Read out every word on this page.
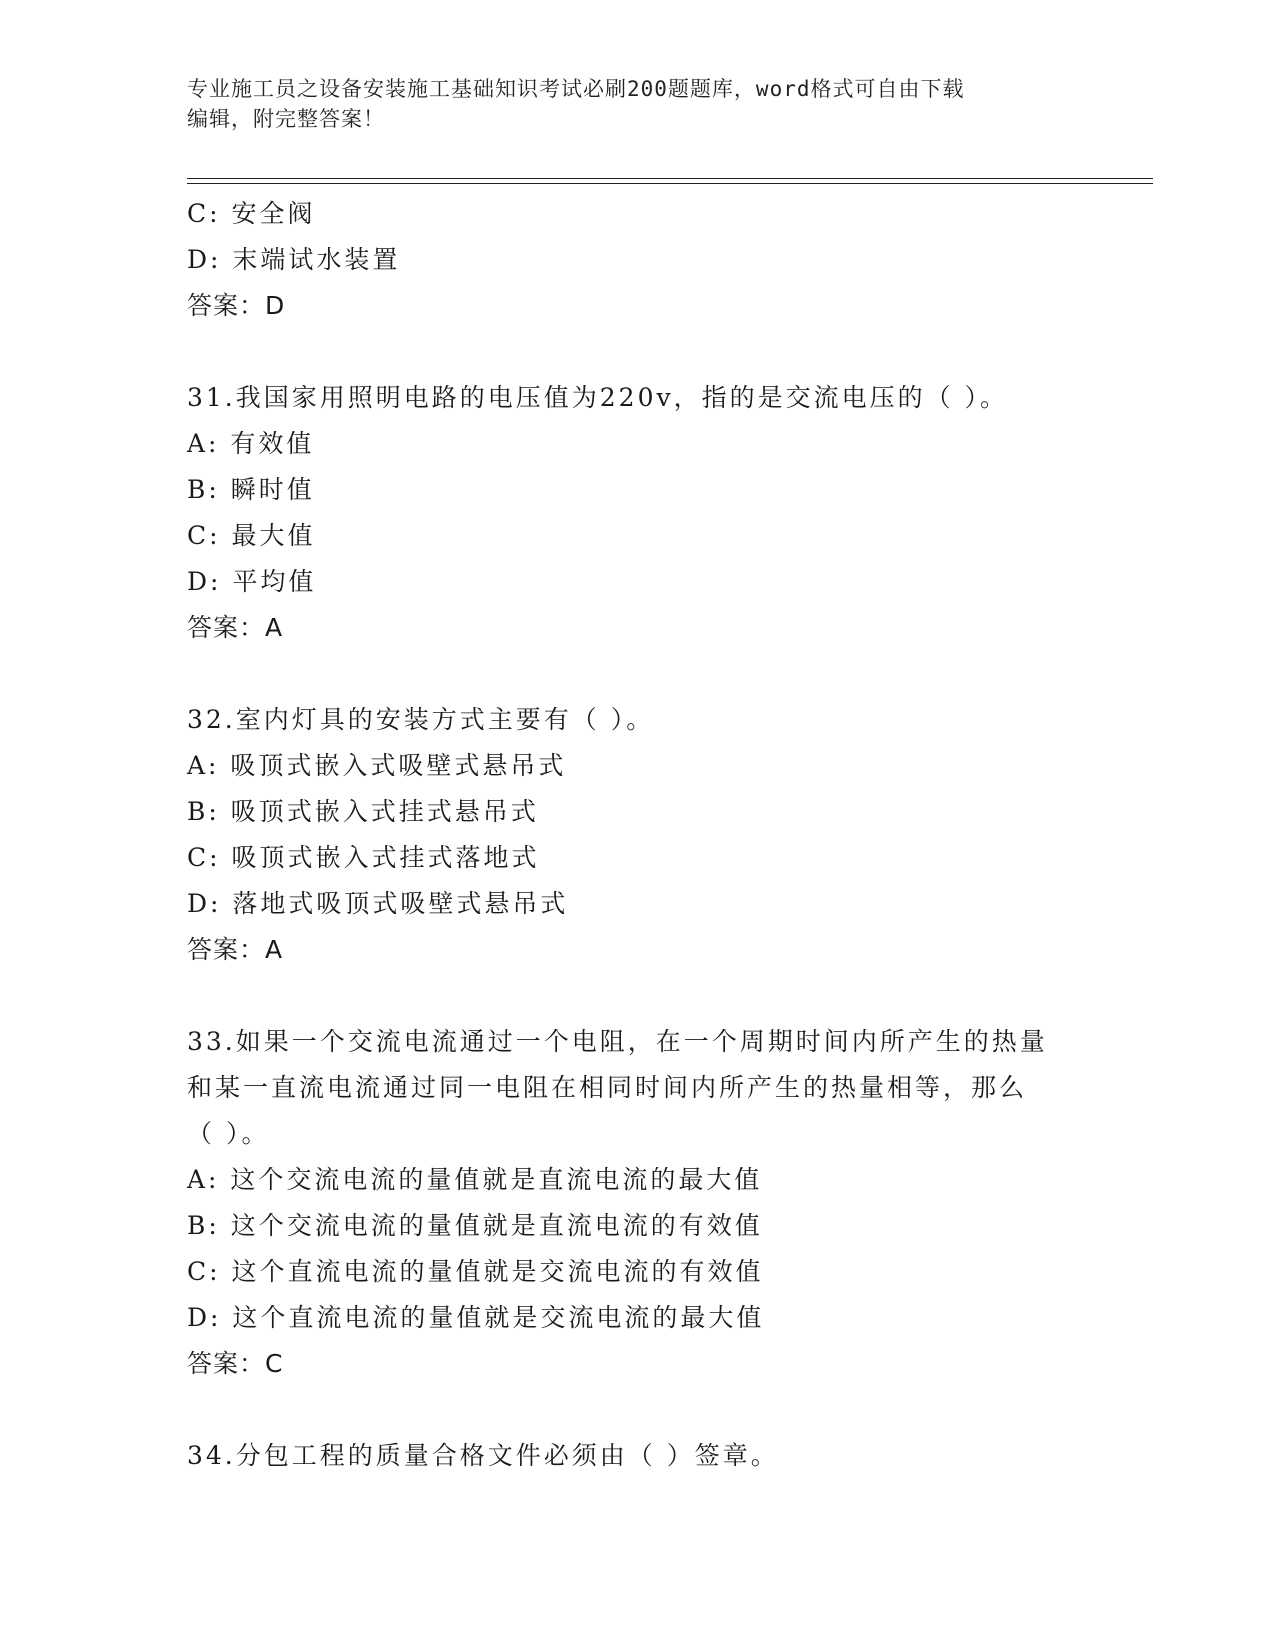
专业施工员之设备安装施工基础知识考试必刷200题题库，word格式可自由下载
编辑，附完整答案！
C: 安全阀
D: 末端试水装置
答案：D
31.我国家用照明电路的电压值为220v，指的是交流电压的（ ）。
A: 有效值
B: 瞬时值
C: 最大值
D: 平均值
答案：A
32.室内灯具的安装方式主要有（ ）。
A: 吸顶式嵌入式吸壁式悬吊式
B: 吸顶式嵌入式挂式悬吊式
C: 吸顶式嵌入式挂式落地式
D: 落地式吸顶式吸壁式悬吊式
答案：A
33.如果一个交流电流通过一个电阻，在一个周期时间内所产生的热量
和某一直流电流通过同一电阻在相同时间内所产生的热量相等，那么
（ ）。
A: 这个交流电流的量值就是直流电流的最大值
B: 这个交流电流的量值就是直流电流的有效值
C: 这个直流电流的量值就是交流电流的有效值
D: 这个直流电流的量值就是交流电流的最大值
答案：C
34.分包工程的质量合格文件必须由（ ）签章。
